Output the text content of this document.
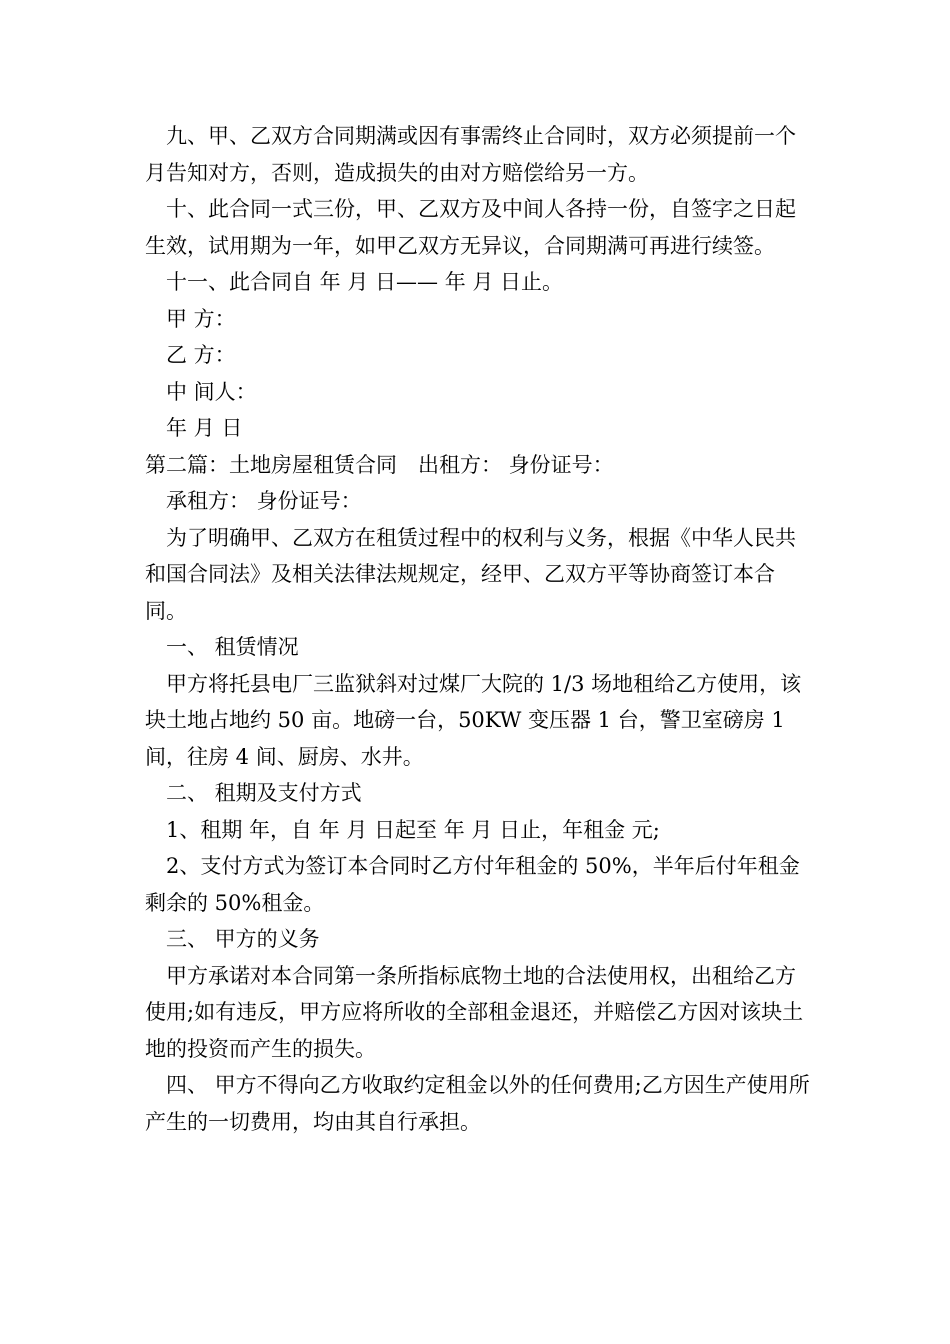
九、甲、乙双方合同期满或因有事需终止合同时，双方必须提前一个月告知对方，否则，造成损失的由对方赔偿给另一方。

十、此合同一式三份，甲、乙双方及中间人各持一份，自签字之日起生效，试用期为一年，如甲乙双方无异议，合同期满可再进行续签。

十一、此合同自 年 月 日—— 年 月 日止。

甲 方：

乙 方：

中 间人：

年 月 日

第二篇：土地房屋租赁合同　出租方： 身份证号：

承租方： 身份证号：

为了明确甲、乙双方在租赁过程中的权利与义务，根据《中华人民共和国合同法》及相关法律法规规定，经甲、乙双方平等协商签订本合同。

一、 租赁情况

甲方将托县电厂三监狱斜对过煤厂大院的 1/3 场地租给乙方使用，该块土地占地约 50 亩。地磅一台，50KW 变压器 1 台，警卫室磅房 1 间，往房 4 间、厨房、水井。

二、 租期及支付方式

1、租期 年，自 年 月 日起至 年 月 日止，年租金 元;

2、支付方式为签订本合同时乙方付年租金的 50%，半年后付年租金剩余的 50%租金。

三、 甲方的义务

甲方承诺对本合同第一条所指标底物土地的合法使用权，出租给乙方使用;如有违反，甲方应将所收的全部租金退还，并赔偿乙方因对该块土地的投资而产生的损失。

四、 甲方不得向乙方收取约定租金以外的任何费用;乙方因生产使用所产生的一切费用，均由其自行承担。
